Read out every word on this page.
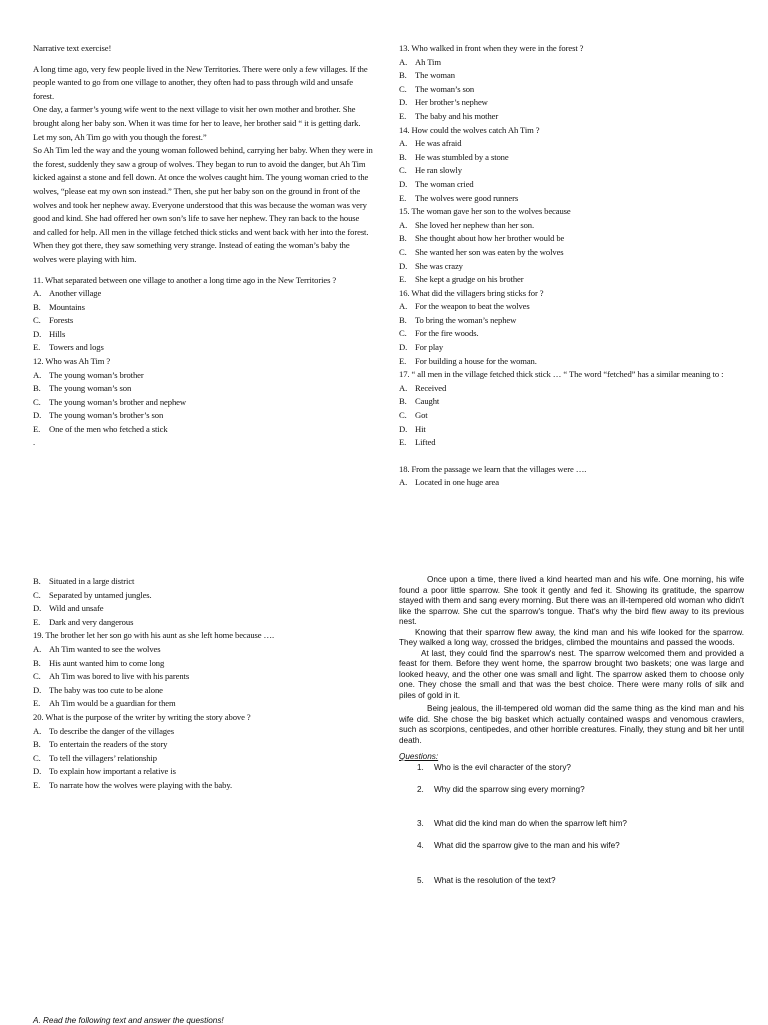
Narrative text exercise!

A long time ago, very few people lived in the New Territories. There were only a few villages. If the people wanted to go from one village to another, they often had to pass through wild and unsafe forest.

One day, a farmer’s young wife went to the next village to visit her own mother and brother. She brought along her baby son. When it was time for her to leave, her brother said “ it is getting dark. Let my son, Ah Tim go with you though the forest.”

So Ah Tim led the way and the young woman followed behind, carrying her baby. When they were in the forest, suddenly they saw a group of wolves. They began to run to avoid the danger, but Ah Tim kicked against a stone and fell down. At once the wolves caught him. The young woman cried to the wolves, “please eat my own son instead.” Then, she put her baby son on the ground in front of the wolves and took her nephew away. Everyone understood that this was because the woman was very good and kind. She had offered her own son’s life to save her nephew. They ran back to the house and called for help. All men in the village fetched thick sticks and went back with her into the forest. When they got there, they saw something very strange. Instead of eating the woman’s baby the wolves were playing with him.

11. What separated between one village to another a long time ago in the New Territories ?

A. Another village
B. Mountains
C. Forests
D. Hills
E.	Towers and logs

12. Who was Ah Tim ?

A. The young woman’s brother
B. The young woman’s son
C. The young woman’s brother and nephew
D. The young woman’s brother’s son
E.	One of the men who fetched a stick

.

13. Who walked in front when they were in the forest ?

A. Ah Tim
B. The woman
C. The woman’s son
D. Her brother’s nephew
E.	The baby and his mother

14. How could the wolves catch Ah Tim ?

A. He was afraid
B. He was stumbled by a stone
C. He ran slowly
D. The woman cried
E.	The wolves were good runners

15. The woman gave her son to the wolves because

A. She loved her nephew than her son.
B. She thought about how her brother would be
C. She wanted her son was eaten by the wolves
D. She was crazy
E.	She kept a grudge on his brother

16. What did the villagers bring sticks for ?

A. For the weapon to beat the wolves
B. To bring the woman’s nephew
C. For the fire woods.
D. For play
E.	For building a house for the woman.

17. “ all men in the village fetched thick stick … “ The word “fetched” has a similar meaning to :

A. Received
B. Caught
C. Got
D. Hit
E.	Lifted

18. From the passage we learn that the villages were ….

A. Located in one huge area
B. Situated in a large district
C. Separated by untamed jungles.
D. Wild and unsafe
E.	Dark and very dangerous

19. The brother let her son go with his aunt as she left home because ….

A. Ah Tim wanted to see the wolves
B. His aunt wanted him to come long
C. Ah Tim was bored to live with his parents
D. The baby was too cute to be alone
E.	Ah Tim would be a guardian for them

20. What is the purpose of the writer by writing the story above ?

A. To describe the danger of the villages
B. To entertain the readers of the story
C. To tell the villagers’ relationship
D. To explain how important a relative is
E.	To narrate how the wolves were playing with the baby.

Once upon a time, there lived a kind hearted man and his wife. One morning, his wife found a poor little sparrow. She took it gently and fed it. Showing its gratitude, the sparrow stayed with them and sang every morning. But there was an ill-tempered old woman who didn't like the sparrow. She cut the sparrow's tongue. That's why the bird flew away to its previous nest.

Knowing that their sparrow flew away, the kind man and his wife looked for the sparrow. They walked a long way, crossed the bridges, climbed the mountains and passed the woods.

At last, they could find the sparrow's nest. The sparrow welcomed them and provided a feast for them. Before they went home, the sparrow brought two baskets; one was large and looked heavy, and the other one was small and light. The sparrow asked them to choose only one. They chose the small and that was the best choice. There were many rolls of silk and piles of gold in it.

Being jealous, the ill-tempered old woman did the same thing as the kind man and his wife did. She chose the big basket which actually contained wasps and venomous crawlers, such as scorpions, centipedes, and other horrible creatures. Finally, they stung and bit her until death.

Questions:

1.	Who is the evil character of the story?
2.	Why did the sparrow sing every morning?
3.	What did the kind man do when the sparrow left him?
4.	What did the sparrow give to the man and his wife?
5.	What is the resolution of the text?
A. Read the following text and answer the questions!
